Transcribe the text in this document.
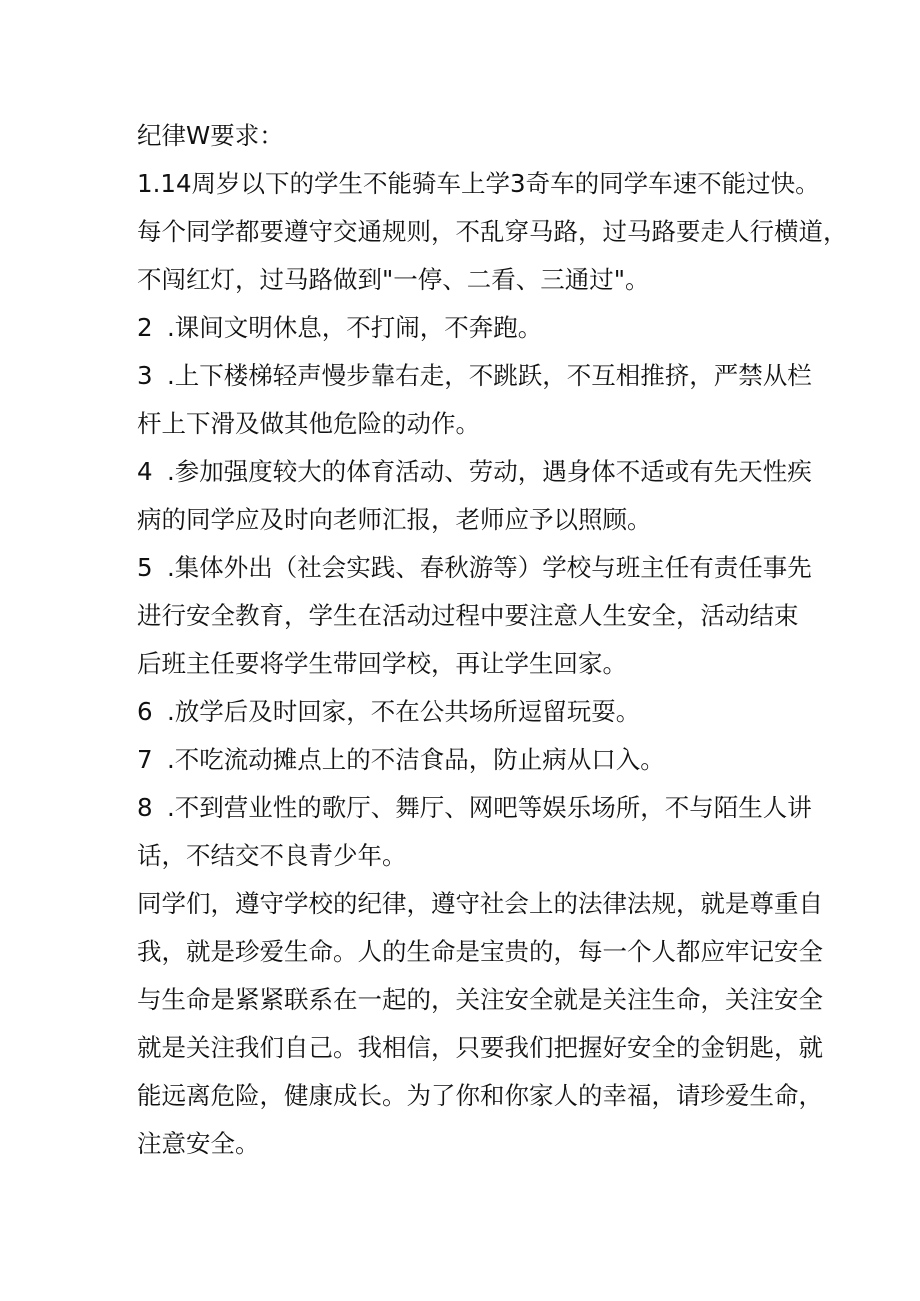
纪律W要求：
1.14周岁以下的学生不能骑车上学3奇车的同学车速不能过快。
每个同学都要遵守交通规则，不乱穿马路，过马路要走人行横道，
不闯红灯，过马路做到"一停、二看、三通过"。
2 .课间文明休息，不打闹，不奔跑。
3 .上下楼梯轻声慢步靠右走，不跳跃，不互相推挤，严禁从栏
杆上下滑及做其他危险的动作。
4 .参加强度较大的体育活动、劳动，遇身体不适或有先天性疾
病的同学应及时向老师汇报，老师应予以照顾。
5 .集体外出（社会实践、春秋游等）学校与班主任有责任事先
进行安全教育，学生在活动过程中要注意人生安全，活动结束
后班主任要将学生带回学校，再让学生回家。
6 .放学后及时回家，不在公共场所逗留玩耍。
7 .不吃流动摊点上的不洁食品，防止病从口入。
8 .不到营业性的歌厅、舞厅、网吧等娱乐场所，不与陌生人讲
话，不结交不良青少年。
同学们，遵守学校的纪律，遵守社会上的法律法规，就是尊重自
我，就是珍爱生命。人的生命是宝贵的，每一个人都应牢记安全
与生命是紧紧联系在一起的，关注安全就是关注生命，关注安全
就是关注我们自己。我相信，只要我们把握好安全的金钥匙，就
能远离危险，健康成长。为了你和你家人的幸福，请珍爱生命，
注意安全。
